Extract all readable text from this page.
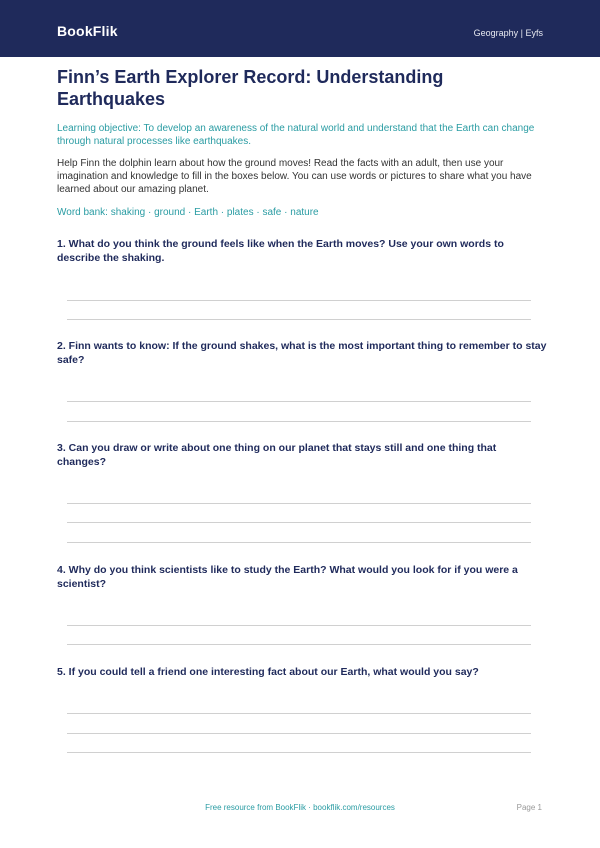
BookFlik	Geography | Eyfs
Finn’s Earth Explorer Record: Understanding Earthquakes

Learning objective: To develop an awareness of the natural world and understand that the Earth can change through natural processes like earthquakes.

Help Finn the dolphin learn about how the ground moves! Read the facts with an adult, then use your imagination and knowledge to fill in the boxes below. You can use words or pictures to share what you have learned about our amazing planet.

Word bank: shaking · ground · Earth · plates · safe · nature

1. What do you think the ground feels like when the Earth moves? Use your own words to describe the shaking.

2. Finn wants to know: If the ground shakes, what is the most important thing to remember to stay safe?

3. Can you draw or write about one thing on our planet that stays still and one thing that changes?

4. Why do you think scientists like to study the Earth? What would you look for if you were a scientist?

5. If you could tell a friend one interesting fact about our Earth, what would you say?

Free resource from BookFlik · bookflik.com/resources	Page 1
